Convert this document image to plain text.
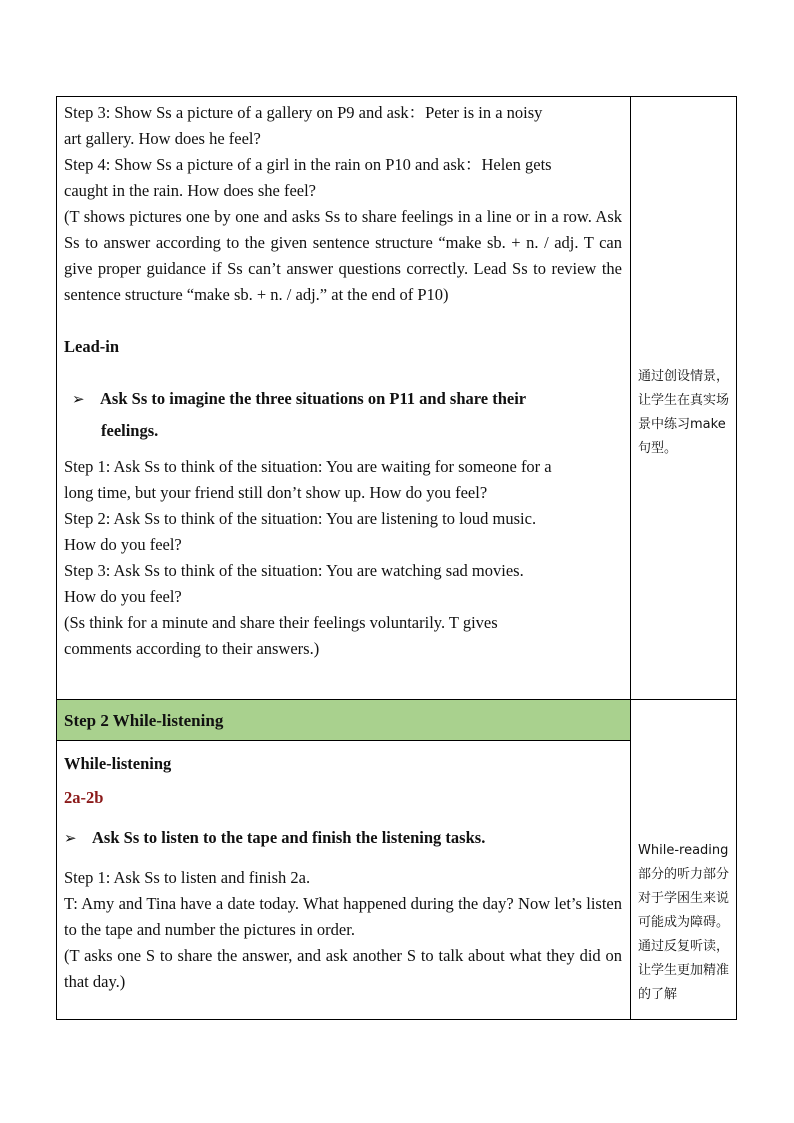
Step 3: Show Ss a picture of a gallery on P9 and ask：Peter is in a noisy

art gallery. How does he feel?

Step 4: Show Ss a picture of a girl in the rain on P10 and ask：Helen gets

caught in the rain. How does she feel?

(T shows pictures one by one and asks Ss to share feelings in a line or in a row. Ask Ss to answer according to the given sentence structure “make sb. + n. / adj. T can give proper guidance if Ss can’t answer questions correctly. Lead Ss to review the sentence structure “make sb. + n. / adj.” at the end of P10)

Lead-in

➢ Ask Ss to imagine the three situations on P11 and share their

feelings.

Step 1: Ask Ss to think of the situation: You are waiting for someone for a

long time, but your friend still don’t show up. How do you feel?

Step 2: Ask Ss to think of the situation: You are listening to loud music.

How do you feel?

Step 3: Ask Ss to think of the situation: You are watching sad movies.

How do you feel?

(Ss think for a minute and share their feelings voluntarily. T gives

comments according to their answers.)

通过创设情景，让学生在真实场景中练习make句型。

Step 2 While-listening

While-listening

2a-2b

➢ Ask Ss to listen to the tape and finish the listening tasks.

Step 1: Ask Ss to listen and finish 2a.

T: Amy and Tina have a date today. What happened during the day? Now let’s listen to the tape and number the pictures in order.

(T asks one S to share the answer, and ask another S to talk about what they did on that day.)

While-reading 部分的听力部分对于学困生来说可能成为障碍。通过反复听读，让学生更加精准的了解
